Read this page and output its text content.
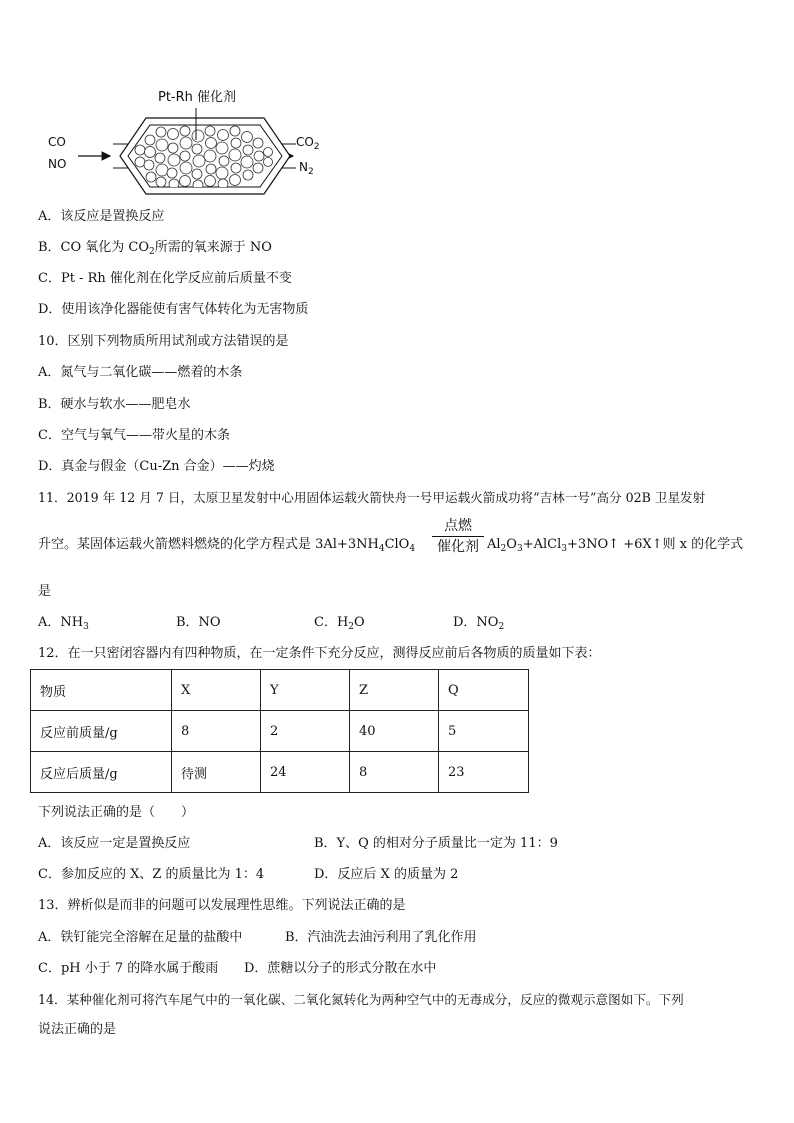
Pt-Rh 催化剂
CO
NO
$CO_2$
$N_2$
A．该反应是置换反应
B．CO 氧化为 $CO_2$所需的氧来源于 NO
C．Pt - Rh 催化剂在化学反应前后质量不变
D．使用该净化器能使有害气体转化为无害物质
10．区别下列物质所用试剂或方法错误的是
A．氮气与二氧化碳——燃着的木条
B．硬水与软水——肥皂水
C．空气与氧气——带火星的木条
D．真金与假金（Cu-Zn 合金）——灼烧
11．2019 年 12 月 7 日，太原卫星发射中心用固体运载火箭快舟一号甲运载火箭成功将“吉林一号”高分 02B 卫星发射
升空。某固体运载火箭燃料燃烧的化学方程式是 $3Al+3NH_4ClO_4$
点燃
催化剂 $Al_2O_3+AlCl_3+3NO↑$ +6X↑则 x 的化学式
是
A．$NH_3$	B．NO	C．$H_2O$	D．$NO_2$
12．在一只密闭容器内有四种物质，在一定条件下充分反应，测得反应前后各物质的质量如下表：
物质	X	Y	Z	Q
反应前质量/g	8	2	40	5
反应后质量/g	待测	24	8	23
下列说法正确的是（　　）
A．该反应一定是置换反应	B．Y、Q 的相对分子质量比一定为 11：9
C．参加反应的 X、Z 的质量比为 1：4	D．反应后 X 的质量为 2
13．辨析似是而非的问题可以发展理性思维。下列说法正确的是
A．铁钉能完全溶解在足量的盐酸中	B．汽油洗去油污利用了乳化作用
C．pH 小于 7 的降水属于酸雨 D．蔗糖以分子的形式分散在水中
14．某种催化剂可将汽车尾气中的一氧化碳、二氧化氮转化为两种空气中的无毒成分，反应的微观示意图如下。下列
说法正确的是
